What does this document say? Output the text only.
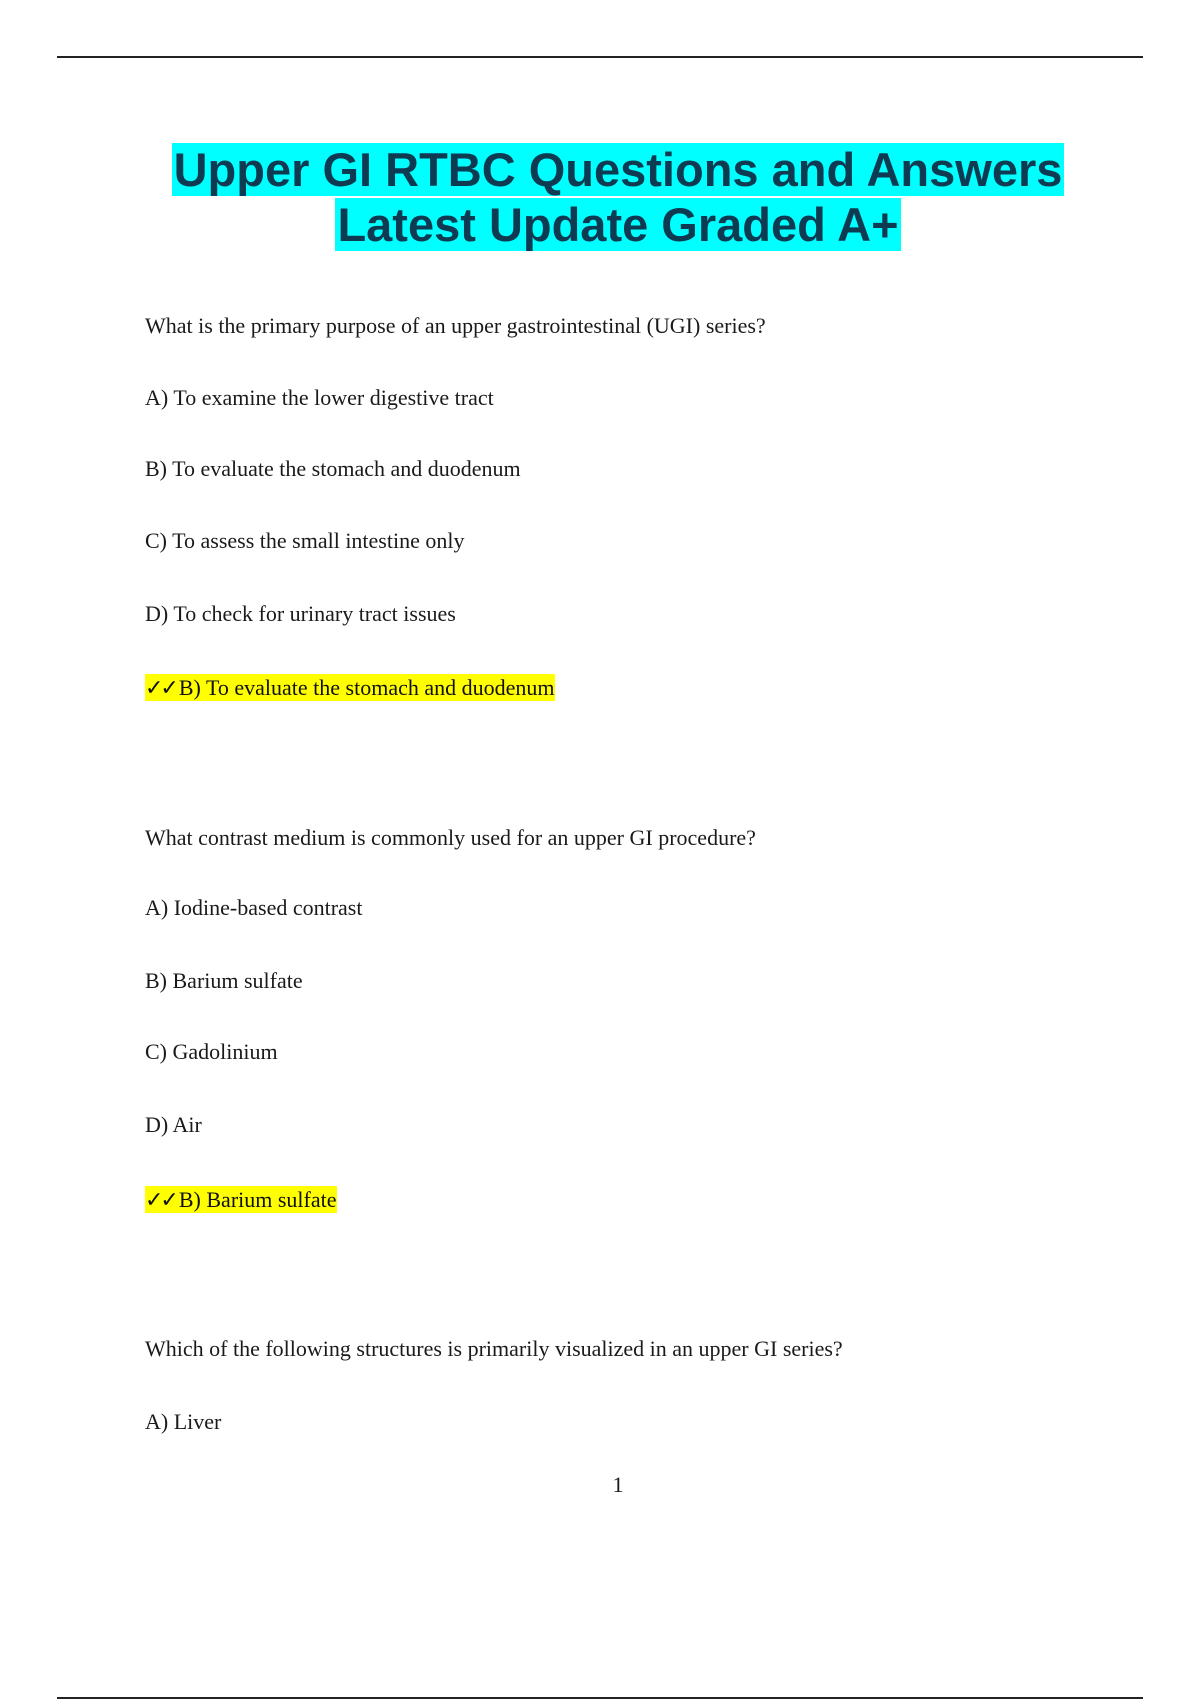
Upper GI RTBC Questions and Answers
Latest Update Graded A+
What is the primary purpose of an upper gastrointestinal (UGI) series?
A) To examine the lower digestive tract
B) To evaluate the stomach and duodenum
C) To assess the small intestine only
D) To check for urinary tract issues
✓✓ B) To evaluate the stomach and duodenum
What contrast medium is commonly used for an upper GI procedure?
A) Iodine-based contrast
B) Barium sulfate
C) Gadolinium
D) Air
✓✓ B) Barium sulfate
Which of the following structures is primarily visualized in an upper GI series?
A) Liver
1
